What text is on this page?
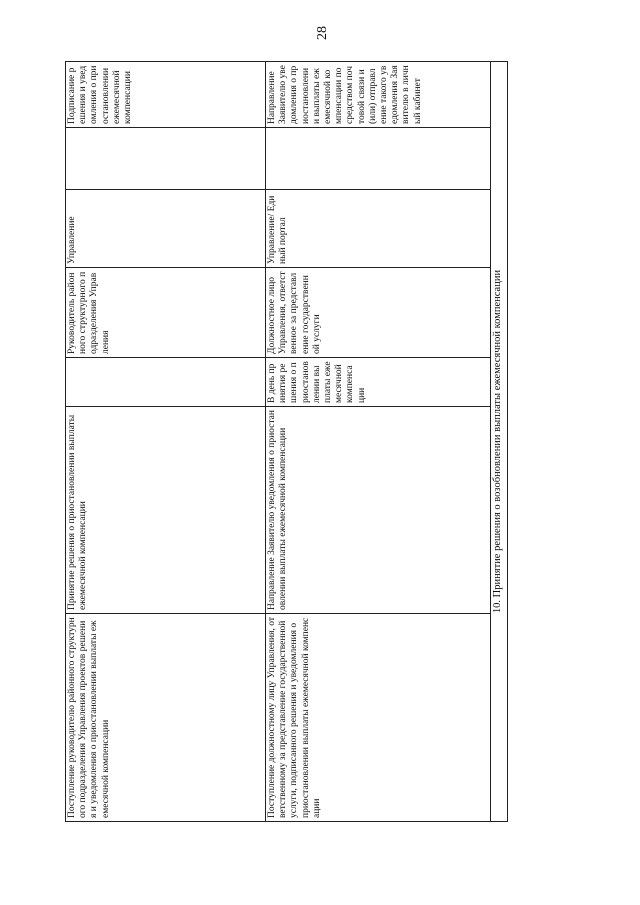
28
Поступление руководителю районного структурного подразделения Управления проектов решения и уведомления о приостановлении выплаты ежемесячной компенсации	Принятие решения о приостановлении выплаты ежемесячной компенсации		Руководитель районного структурного подразделения Управления	Управление		Подписание решения и уведомления о приостановлении ежемесячной компенсации
Поступление должностному лицу Управления, ответственному за представление государственной услуги, подписанного решения и уведомления о приостановлении выплаты ежемесячной компенсации	Направление Заявителю уведомления о приостановлении выплаты ежемесячной компенсации	В день принятия решения о приостановлении выплаты ежемесячной компенсации	Должностное лицо Управления, ответственное за представление государственной услуги	Управление/ Единый портал		Направление Заявителю уведомления о приостановлении выплаты ежемесячной компенсации посредством почтовой связи и (или) отправление такого уведомления Заявителю в личный кабинет
10. Принятие решения о возобновлении выплаты ежемесячной компенсации						
